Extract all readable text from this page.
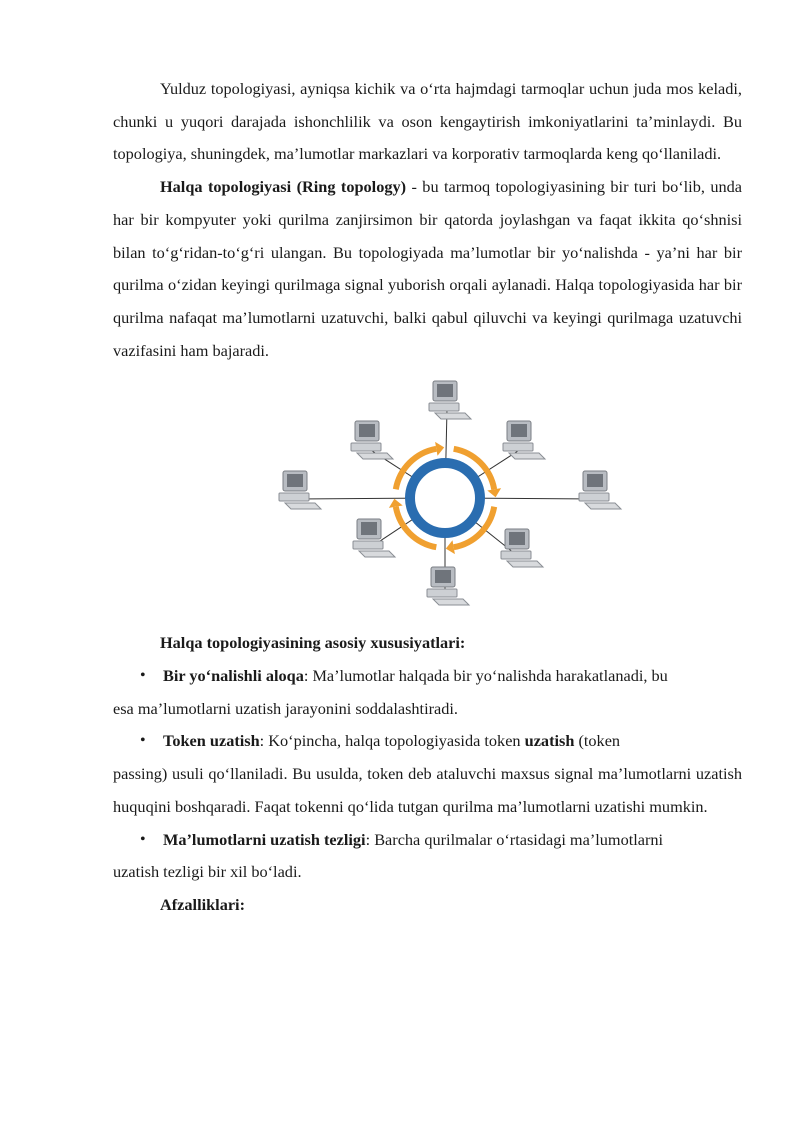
Yulduz topologiyasi, ayniqsa kichik va o‘rta hajmdagi tarmoqlar uchun juda mos keladi, chunki u yuqori darajada ishonchlilik va oson kengaytirish imkoniyatlarini ta’minlaydi. Bu topologiya, shuningdek, ma’lumotlar markazlari va korporativ tarmoqlarda keng qo‘llaniladi.

Halqa topologiyasi (Ring topology) - bu tarmoq topologiyasining bir turi bo‘lib, unda har bir kompyuter yoki qurilma zanjirsimon bir qatorda joylashgan va faqat ikkita qo‘shnisi bilan to‘g‘ridan-to‘g‘ri ulangan. Bu topologiyada ma’lumotlar bir yo‘nalishda - ya’ni har bir qurilma o‘zidan keyingi qurilmaga signal yuborish orqali aylanadi. Halqa topologiyasida har bir qurilma nafaqat ma’lumotlarni uzatuvchi, balki qabul qiluvchi va keyingi qurilmaga uzatuvchi vazifasini ham bajaradi.

Halqa topologiyasining asosiy xususiyatlari:

• Bir yo‘nalishli aloqa: Ma’lumotlar halqada bir yo‘nalishda harakatlanadi, bu

esa ma’lumotlarni uzatish jarayonini soddalashtiradi.

• Token uzatish: Ko‘pincha, halqa topologiyasida token uzatish (token

passing) usuli qo‘llaniladi. Bu usulda, token deb ataluvchi maxsus signal ma’lumotlarni uzatish huquqini boshqaradi. Faqat tokenni qo‘lida tutgan qurilma ma’lumotlarni uzatishi mumkin.

• Ma’lumotlarni uzatish tezligi: Barcha qurilmalar o‘rtasidagi ma’lumotlarni

uzatish tezligi bir xil bo‘ladi.

Afzalliklari:
